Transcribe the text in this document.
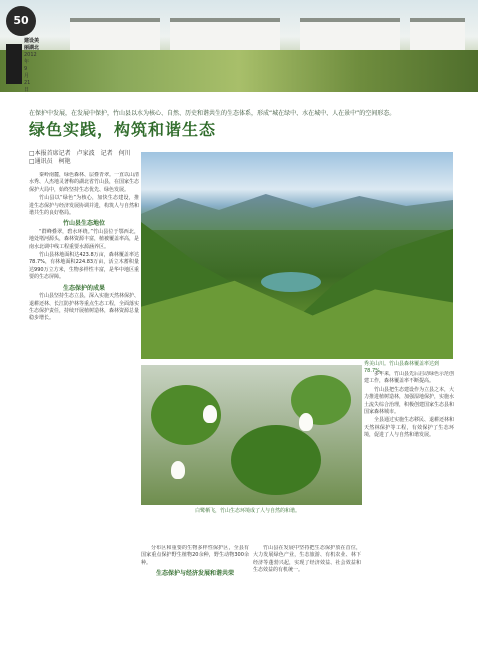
50
建设美丽湖北
2012
年
9
月
21
日
在保护中发展，在发展中保护，竹山县以水为核心、自然、历史和谐共生的生态体系，形成“城在绿中、水在城中、人在景中”的空间形态。
绿色实践，构筑和谐生态
□本报首席记者　卢家波　记者　何川
□通讯员　柯艳
秀美山川。竹山县森林覆盖率达到78.7%。
白鹭栖飞，竹山生态环境成了人与自然的和谐。

秦岭南麓，绿色森林、层叠青翠。一直以山清水秀、人杰地灵著称的湖北省竹山县，在国家生态保护大局中，始终坚持生态优先、绿色发展。

竹山县以“绿色”为核心，加快生态建设，推进生态保护与经济发展协调并进，构筑人与自然和谐共生的良好格局。

竹山县生态地位

“群峰叠翠，碧水环绕。”竹山县位于鄂西北，地处堵河源头，森林资源丰富，植被覆盖率高，是南水北调中线工程重要水源涵养区。

竹山县林地面积达423.8万亩，森林覆盖率达78.7%，有林地面积224.83万亩，活立木蓄积量达990万立方米，生物多样性丰富，是华中地区重要的生态屏障。

生态保护的成果

竹山县坚持生态立县，深入实施天然林保护、退耕还林、长江防护林等重点生态工程，全面落实生态保护责任，持续开展植树造林，森林资源总量稳步增长。

分布区和重要的生物多样性保护区，全县有国家重点保护野生植物20余种，野生动物300余种。

生态保护与经济发展和谐共荣

竹山县在发展中坚持把生态保护放在首位，大力发展绿色产业，生态旅游、有机农业、林下经济等蓬勃兴起，实现了经济效益、社会效益和生态效益的有机统一。

多年来，竹山县先后启动绿色示范创建工作，森林覆盖率不断提高。

竹山县把生态建设作为立县之本，大力推进植树造林，加强湿地保护，实施水土流失综合治理，积极创建国家生态县和国家森林城市。

全县通过实施生态移民、退耕还林和天然林保护等工程，有效保护了生态环境，促进了人与自然和谐发展。
